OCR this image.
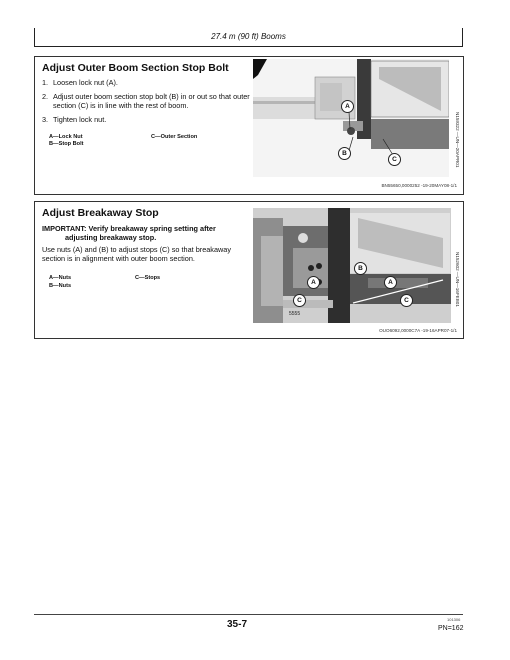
27.4 m (90 ft) Booms
Adjust Outer Boom Section Stop Bolt
1. Loosen lock nut (A).
2. Adjust outer boom section stop bolt (B) in or out so that outer section (C) is in line with the rest of boom.
3. Tighten lock nut.
A—Lock Nut
B—Stop Bolt
C—Outer Section
A
B
C	N159322 —UN—20APR01
BN55650,0000252 -19-20MAY08-1/1
Adjust Breakaway Stop
IMPORTANT: Verify breakaway spring setting after
adjusting breakaway stop.
Use nuts (A) and (B) to adjust stops (C) so that breakaway section is in alignment with outer boom section.
A—Nuts
B—Nuts
C—Stops
A
B
A
C	C
5555
N152602 —UN—16FEB01
OUO6092,0000C7A -19-16APR07-1/1
35-7	101306
PN=162
